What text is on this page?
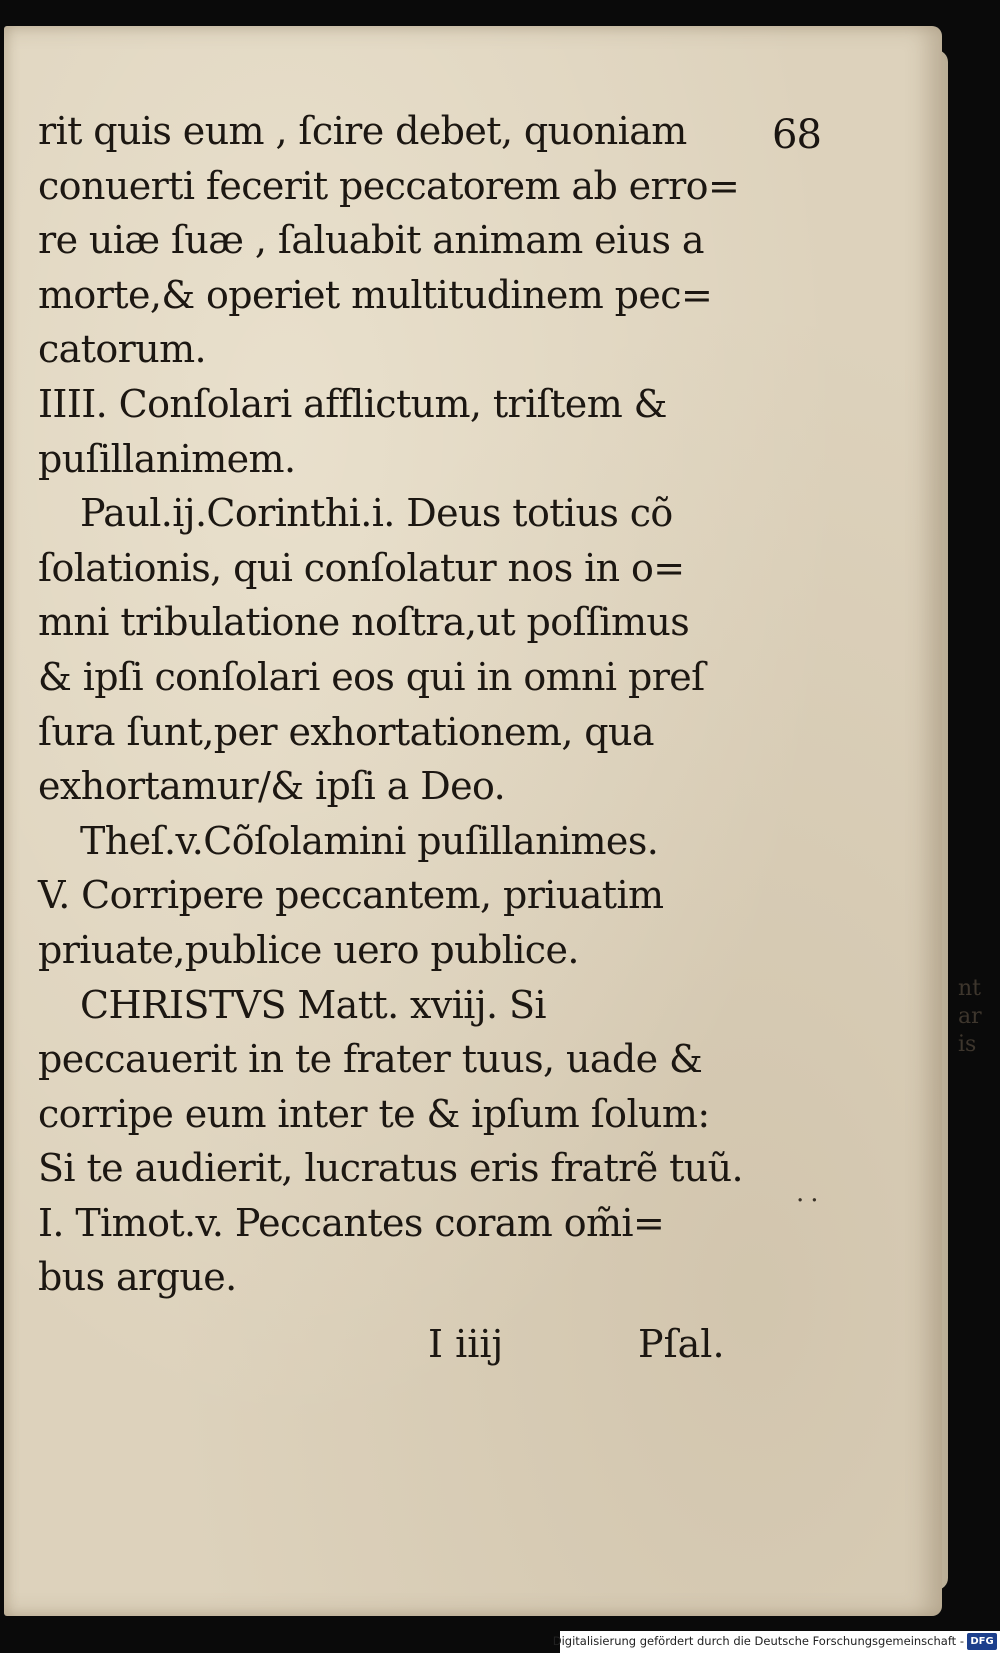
68
rit quis eum , ſcire debet, quoniam
conuerti fecerit peccatorem ab erro=
re uiæ ſuæ , ſaluabit animam eius a
morte,& operiet multitudinem pec=
catorum.
IIII. Conſolari afflictum, triſtem &
puſillanimem.
Paul.ij.Corinthi.i. Deus totius cõ
ſolationis, qui conſolatur nos in o=
mni tribulatione noſtra,ut poſſimus
& ipſi conſolari eos qui in omni preſ
ſura ſunt,per exhortationem, qua
exhortamur/& ipſi a Deo.
Theſ.v.Cõſolamini puſillanimes.
V. Corripere peccantem, priuatim
priuate,publice uero publice.
CHRISTVS Matt. xviij. Si
peccauerit in te frater tuus, uade &
corripe eum inter te & ipſum ſolum:
Si te audierit, lucratus eris fratrẽ tuũ.
I. Timot.v. Peccantes coram om̃i=
bus argue.
I iiij	Pſal.
..
nt
ar
is
Digitalisierung gefördert durch die Deutsche Forschungsgemeinschaft - DFG
